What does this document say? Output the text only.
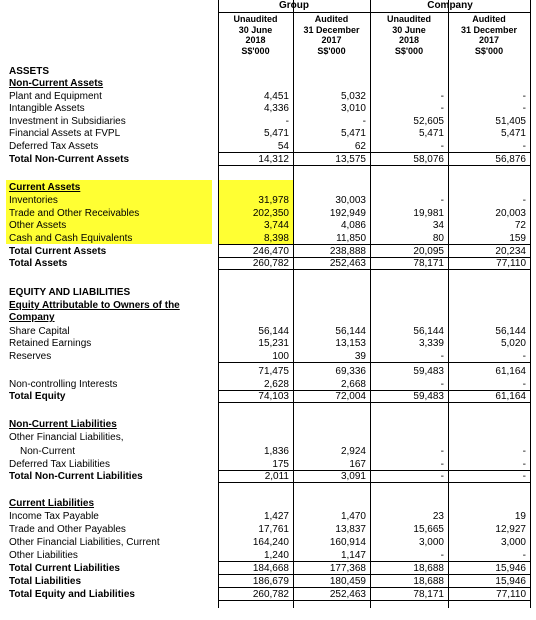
Group	Company
Unaudited
30 June
2018
S$'000
Audited
31 December
2017
S$'000
Unaudited
30 June
2018
S$'000
Audited
31 December
2017
S$'000
ASSETS
Non-Current Assets
Plant and Equipment	4,451	5,032	-	-
Intangible Assets	4,336	3,010	-	-
Investment in Subsidiaries	-	-	52,605	51,405
Financial Assets at FVPL	5,471	5,471	5,471	5,471
Deferred Tax Assets	54	62	-	-
Total Non-Current Assets	14,312	13,575	58,076	56,876
Current Assets
Inventories	31,978	30,003	-	-
Trade and Other Receivables	202,350	192,949	19,981	20,003
Other Assets	3,744	4,086	34	72
Cash and Cash Equivalents	8,398	11,850	80	159
Total Current Assets	246,470	238,888	20,095	20,234
Total Assets	260,782	252,463	78,171	77,110
EQUITY AND LIABILITIES
Equity Attributable to Owners of the
Company
Share Capital	56,144	56,144	56,144	56,144
Retained Earnings	15,231	13,153	3,339	5,020
Reserves	100	39	-	-
71,475	69,336	59,483	61,164
Non-controlling Interests	2,628	2,668	-	-
Total Equity	74,103	72,004	59,483	61,164
Non-Current Liabilities
Other Financial Liabilities,
Non-Current	1,836	2,924	-	-
Deferred Tax Liabilities	175	167	-	-
Total Non-Current Liabilities	2,011	3,091	-	-
Current Liabilities
Income Tax Payable	1,427	1,470	23	19
Trade and Other Payables	17,761	13,837	15,665	12,927
Other Financial Liabilities, Current	164,240	160,914	3,000	3,000
Other Liabilities	1,240	1,147	-	-
Total Current Liabilities	184,668	177,368	18,688	15,946
Total Liabilities	186,679	180,459	18,688	15,946
Total Equity and Liabilities	260,782	252,463	78,171	77,110
